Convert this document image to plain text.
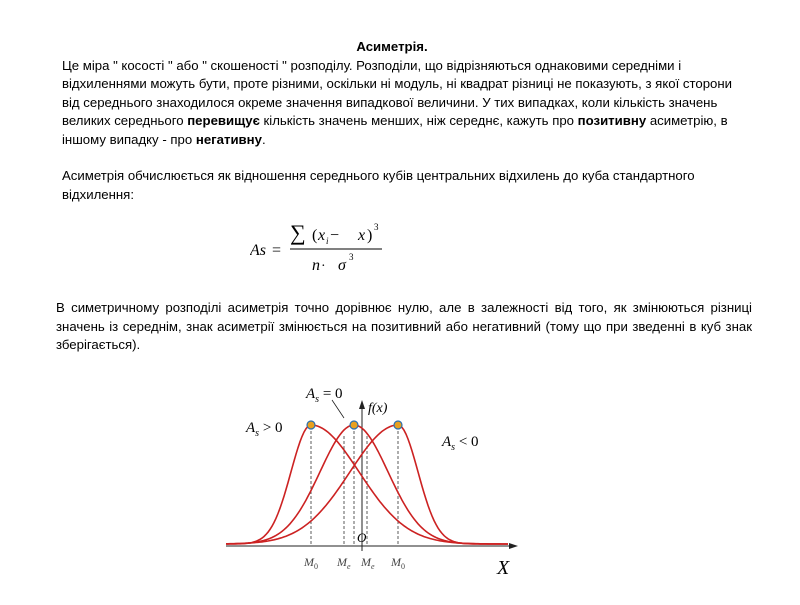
Асиметрія.
Це міра " косості " або " скошеності " розподілу. Розподіли, що відрізняються однаковими середніми і відхиленнями можуть бути, проте різними, оскільки ні модуль, ні квадрат різниці не показують, з якої сторони від середнього знаходилося окреме значення випадкової величини. У тих випадках, коли кількість значень великих середнього перевищує кількість значень менших, ніж середнє, кажуть про позитивну асиметрію, в іншому випадку - про негативну.
Асиметрія обчислюється як відношення середнього кубів центральних відхилень до куба стандартного відхилення:
As =
∑ ( x i − x ) 3
n · σ 3
В симетричному розподілі асиметрія точно дорівнює нулю, але в залежності від того, як змінюються різниці значень із середнім, знак асиметрії змінюється на позитивний або негативний (тому що при зведенні в куб знак зберігається).
$A_s > 0$
$A_s = 0$
$A_s < 0$
f(x)
O
X
$M_0$ $M_e$ $M_e$ $M_0$
